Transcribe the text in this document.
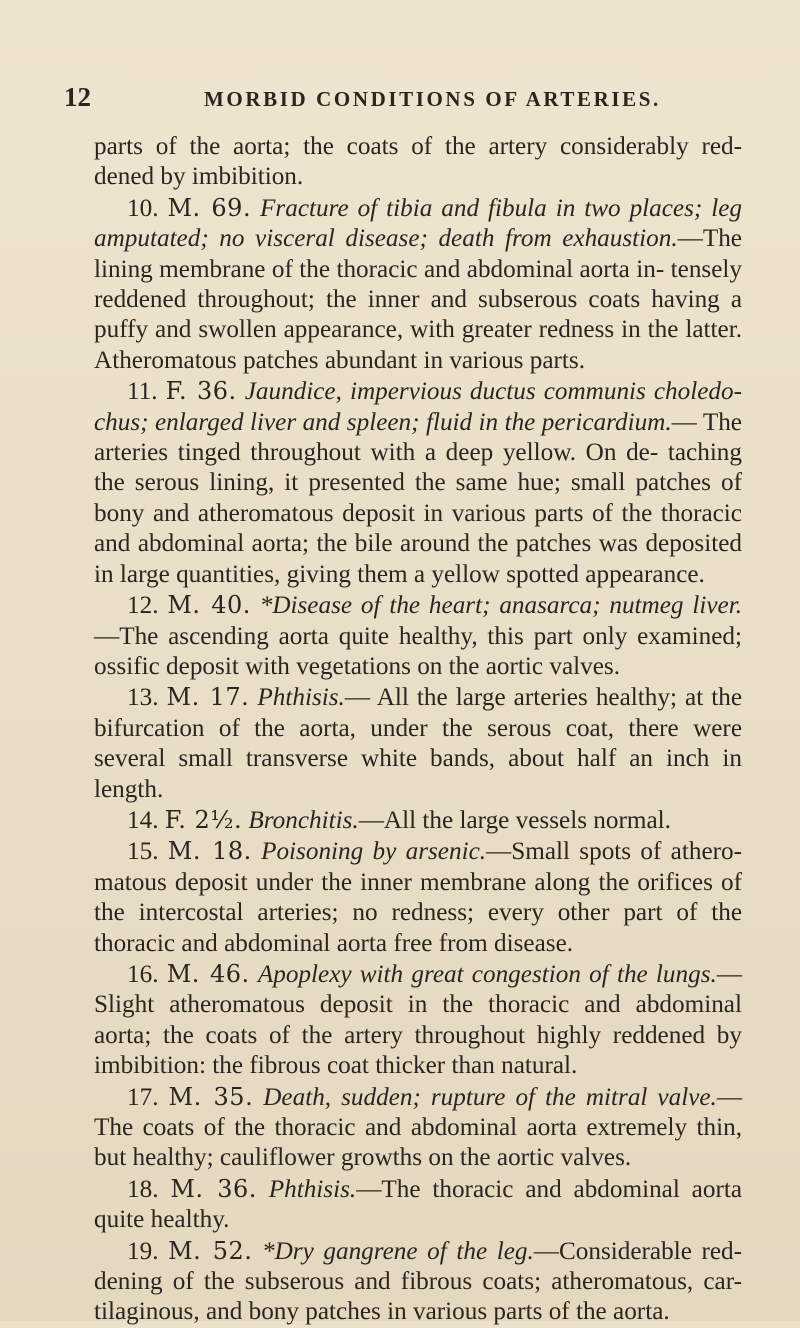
12	MORBID CONDITIONS OF ARTERIES.

parts of the aorta; the coats of the artery considerably red- dened by imbibition.

10. M. 69. Fracture of tibia and fibula in two places; leg amputated; no visceral disease; death from exhaustion.—The lining membrane of the thoracic and abdominal aorta in- tensely reddened throughout; the inner and subserous coats having a puffy and swollen appearance, with greater redness in the latter. Atheromatous patches abundant in various parts.

11. F. 36. Jaundice, impervious ductus communis choledo- chus; enlarged liver and spleen; fluid in the pericardium.— The arteries tinged throughout with a deep yellow. On de- taching the serous lining, it presented the same hue; small patches of bony and atheromatous deposit in various parts of the thoracic and abdominal aorta; the bile around the patches was deposited in large quantities, giving them a yellow spotted appearance.

12. M. 40. *Disease of the heart; anasarca; nutmeg liver.—The ascending aorta quite healthy, this part only examined; ossific deposit with vegetations on the aortic valves.

13. M. 17. Phthisis.— All the large arteries healthy; at the bifurcation of the aorta, under the serous coat, there were several small transverse white bands, about half an inch in length.

14. F. 2½. Bronchitis.—All the large vessels normal.

15. M. 18. Poisoning by arsenic.—Small spots of athero- matous deposit under the inner membrane along the orifices of the intercostal arteries; no redness; every other part of the thoracic and abdominal aorta free from disease.

16. M. 46. Apoplexy with great congestion of the lungs.— Slight atheromatous deposit in the thoracic and abdominal aorta; the coats of the artery throughout highly reddened by imbibition: the fibrous coat thicker than natural.

17. M. 35. Death, sudden; rupture of the mitral valve.— The coats of the thoracic and abdominal aorta extremely thin, but healthy; cauliflower growths on the aortic valves.

18. M. 36. Phthisis.—The thoracic and abdominal aorta quite healthy.

19. M. 52. *Dry gangrene of the leg.—Considerable red- dening of the subserous and fibrous coats; atheromatous, car- tilaginous, and bony patches in various parts of the aorta.
